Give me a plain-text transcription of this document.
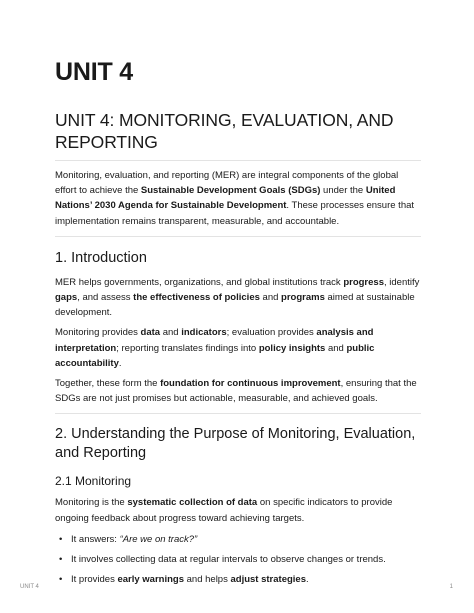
UNIT 4
UNIT 4: MONITORING, EVALUATION, AND REPORTING

Monitoring, evaluation, and reporting (MER) are integral components of the global effort to achieve the Sustainable Development Goals (SDGs) under the United Nations’ 2030 Agenda for Sustainable Development. These processes ensure that implementation remains transparent, measurable, and accountable.

1. Introduction

MER helps governments, organizations, and global institutions track progress, identify gaps, and assess the effectiveness of policies and programs aimed at sustainable development.

Monitoring provides data and indicators; evaluation provides analysis and interpretation; reporting translates findings into policy insights and public accountability.

Together, these form the foundation for continuous improvement, ensuring that the SDGs are not just promises but actionable, measurable, and achieved goals.

2. Understanding the Purpose of Monitoring, Evaluation, and Reporting
2.1 Monitoring

Monitoring is the systematic collection of data on specific indicators to provide ongoing feedback about progress toward achieving targets.

• It answers: “Are we on track?”
• It involves collecting data at regular intervals to observe changes or trends.
• It provides early warnings and helps adjust strategies.
UNIT 4	1
